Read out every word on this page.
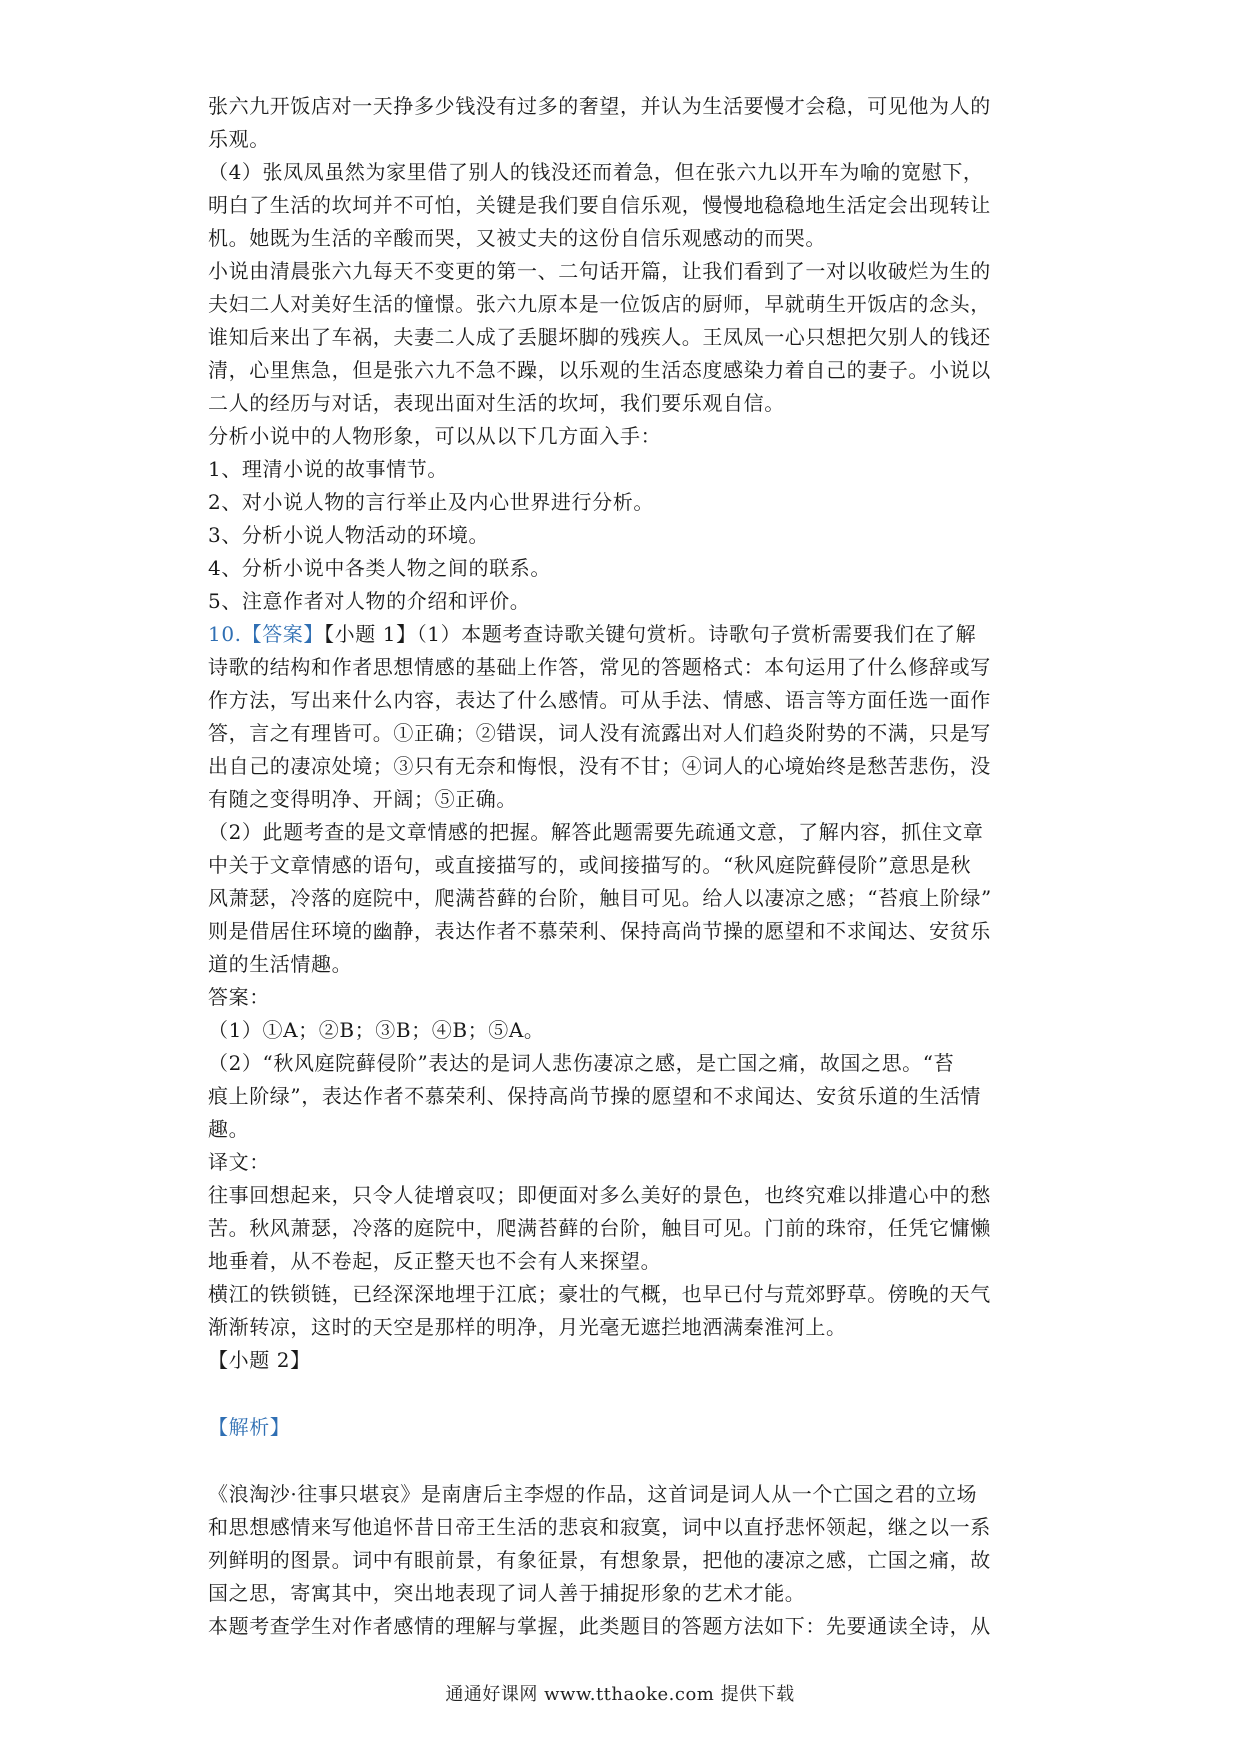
张六九开饭店对一天挣多少钱没有过多的奢望，并认为生活要慢才会稳，可见他为人的
乐观。
（4）张凤凤虽然为家里借了别人的钱没还而着急，但在张六九以开车为喻的宽慰下，
明白了生活的坎坷并不可怕，关键是我们要自信乐观，慢慢地稳稳地生活定会出现转让
机。她既为生活的辛酸而哭，又被丈夫的这份自信乐观感动的而哭。
小说由清晨张六九每天不变更的第一、二句话开篇，让我们看到了一对以收破烂为生的
夫妇二人对美好生活的憧憬。张六九原本是一位饭店的厨师，早就萌生开饭店的念头，
谁知后来出了车祸，夫妻二人成了丢腿坏脚的残疾人。王凤凤一心只想把欠别人的钱还
清，心里焦急，但是张六九不急不躁，以乐观的生活态度感染力着自己的妻子。小说以
二人的经历与对话，表现出面对生活的坎坷，我们要乐观自信。
分析小说中的人物形象，可以从以下几方面入手：
1、理清小说的故事情节。
2、对小说人物的言行举止及内心世界进行分析。
3、分析小说人物活动的环境。
4、分析小说中各类人物之间的联系。
5、注意作者对人物的介绍和评价。
10.【答案】【小题 1】（1）本题考查诗歌关键句赏析。诗歌句子赏析需要我们在了解
诗歌的结构和作者思想情感的基础上作答，常见的答题格式：本句运用了什么修辞或写
作方法，写出来什么内容，表达了什么感情。可从手法、情感、语言等方面任选一面作
答，言之有理皆可。①正确；②错误，词人没有流露出对人们趋炎附势的不满，只是写
出自己的凄凉处境；③只有无奈和悔恨，没有不甘；④词人的心境始终是愁苦悲伤，没
有随之变得明净、开阔；⑤正确。
（2）此题考查的是文章情感的把握。解答此题需要先疏通文意，了解内容，抓住文章
中关于文章情感的语句，或直接描写的，或间接描写的。“秋风庭院藓侵阶”意思是秋
风萧瑟，冷落的庭院中，爬满苔藓的台阶，触目可见。给人以凄凉之感；“苔痕上阶绿”
则是借居住环境的幽静，表达作者不慕荣利、保持高尚节操的愿望和不求闻达、安贫乐
道的生活情趣。
答案：
（1）①A；②B；③B；④B；⑤A。
（2）“秋风庭院藓侵阶”表达的是词人悲伤凄凉之感，是亡国之痛，故国之思。“苔
痕上阶绿”，表达作者不慕荣利、保持高尚节操的愿望和不求闻达、安贫乐道的生活情
趣。
译文：
往事回想起来，只令人徒增哀叹；即便面对多么美好的景色，也终究难以排遣心中的愁
苦。秋风萧瑟，冷落的庭院中，爬满苔藓的台阶，触目可见。门前的珠帘，任凭它慵懒
地垂着，从不卷起，反正整天也不会有人来探望。
横江的铁锁链，已经深深地埋于江底；豪壮的气概，也早已付与荒郊野草。傍晚的天气
渐渐转凉，这时的天空是那样的明净，月光毫无遮拦地洒满秦淮河上。
【小题 2】
【解析】
《浪淘沙·往事只堪哀》是南唐后主李煜的作品，这首词是词人从一个亡国之君的立场
和思想感情来写他追怀昔日帝王生活的悲哀和寂寞，词中以直抒悲怀领起，继之以一系
列鲜明的图景。词中有眼前景，有象征景，有想象景，把他的凄凉之感，亡国之痛，故
国之思，寄寓其中，突出地表现了词人善于捕捉形象的艺术才能。
本题考查学生对作者感情的理解与掌握，此类题目的答题方法如下：先要通读全诗，从
通通好课网 www.tthaoke.com 提供下载
